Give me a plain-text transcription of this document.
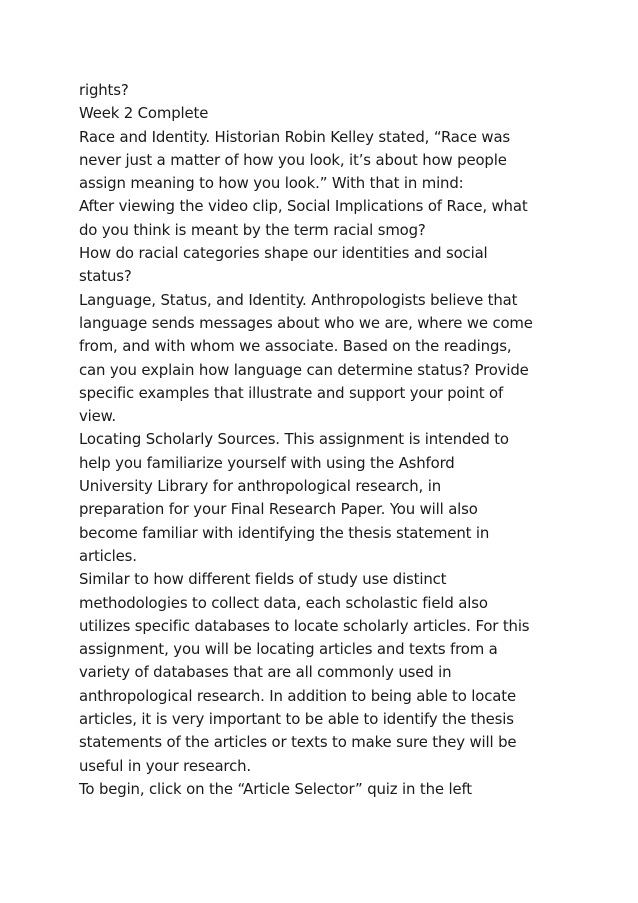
rights?
Week 2 Complete
Race and Identity. Historian Robin Kelley stated, “Race was
never just a matter of how you look, it’s about how people
assign meaning to how you look.” With that in mind:
After viewing the video clip, Social Implications of Race, what
do you think is meant by the term racial smog?
How do racial categories shape our identities and social
status?
Language, Status, and Identity. Anthropologists believe that
language sends messages about who we are, where we come
from, and with whom we associate. Based on the readings,
can you explain how language can determine status? Provide
specific examples that illustrate and support your point of
view.
Locating Scholarly Sources. This assignment is intended to
help you familiarize yourself with using the Ashford
University Library for anthropological research, in
preparation for your Final Research Paper. You will also
become familiar with identifying the thesis statement in
articles.
Similar to how different fields of study use distinct
methodologies to collect data, each scholastic field also
utilizes specific databases to locate scholarly articles. For this
assignment, you will be locating articles and texts from a
variety of databases that are all commonly used in
anthropological research. In addition to being able to locate
articles, it is very important to be able to identify the thesis
statements of the articles or texts to make sure they will be
useful in your research.
To begin, click on the “Article Selector” quiz in the left
